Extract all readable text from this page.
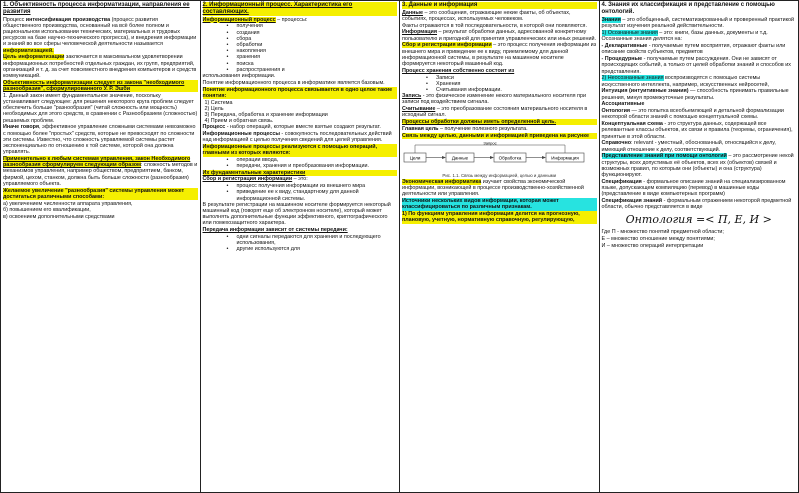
1. Объективность процесса информатизации, направления ее развития

Процесс интенсификация производства (процесс развития общественного производства, основанный на всё более полном и рациональном использовании технических, материальных и трудовых ресурсов на базе научно-технического прогресса), и внедрения информации и знаний во все сферы человеческой деятельности называется информатизацией.

Цель информатизации заключается в максимальном удовлетворении информационных потребностей отдельных граждан, их групп, предприятий, организаций и т. д. за счет повсеместного внедрения компьютеров и средств коммуникаций.

Объективность информатизации следует из закона "необходимого разнообразия", сформулированного У. Р. Эшби

1. Данный закон имеет фундаментальное значение, поскольку устанавливает следующее: для решения некоторого круга проблем следует обеспечить больше "разнообразия" (читай сложность или мощность) необходимых для этого средств, в сравнении с Разнообразием (сложностью) решаемых проблем.

Иначе говоря, эффективное управление сложными системами невозможно с помощью более "простых" средств, которые не превосходят по сложности эти системы. Известно, что сложность управляемой системы растет экспоненциально по отношению к той системе, которой она должна управлять.

Применительно к любым системам управления, закон Необходимого разнообразия сформулируем следующим образом: сложность методов и механизмов управления, например обществом, предприятием, банком, фирмой, цехом, станком, должна быть больше сложности (разнообразия) управляемого объекта.

Желаемое увеличение "разнообразия" системы управления может достигаться различными способами:

а) увеличением численности аппарата управления,

б) повышением его квалификации,

в) освоением дополнительными средствами

2. Информационный процесс. Характеристика его составляющих.

Информационный процесс – процессы:

• получения
• создания
• сбора
• обработки
• накопления
• хранения
• поиска
• распространения и

использования информации.

Понятие информационного процесса в информатике является базовым.

Понятие информационного процесса связывается в одно целое такие понятия:

1) Система
2) Цель
3) Передача, обработка и хранение информации
4) Прием и обратная связь.

Процесс - набор операций, которые вместе взятые создают результат.

Информационные процессы - совокупность последовательных действий над информацией с целью получения сведений для целей управления.

Информационные процессы реализуются с помощью операций, главными из которых являются:

• операции ввода,
• передачи, хранения и преобразования информации.

Их фундаментальные характеристики

Сбор и регистрация информации – это:

• процесс получения информации из внешнего мира
• приведение ее к виду, стандартному для данной информационной системы.

В результате регистрации на машинном носителе формируется некоторый машинный код (говорят еще об электронном носителе), который может выполнять дополнительные функции эффективного, криптографического или помехозащитного характера.

Передача информации зависит от системы передачи:

• одни сигналы передаются для хранения и последующего использования,
• другие используются для

3. Данные и информация

Данные – это сообщения, отражающие некие факты, об объектах, событиях, процессах, используемых человеком.

Факты отражаются в той последовательности, в которой они появляются.

Информация – результат обработки данных, адресованной конкретному пользователю и пригодной для принятия управленческих или иных решений.

Сбор и регистрация информации – это процесс получения информации из внешнего мира и приведение ее к виду, приемлемому для данной информационной системы, в результате на машинном носителе формируется некоторый машинный код.

Процесс хранения собственно состоит из

• Записи
• Хранения
• Считывания информации.

Запись - это физическое изменение некого материального носителя при записи под воздействием сигнала.

Считывание – это преобразование состояния материального носителя в исходный сигнал.

Процессы обработки должны иметь определенной цель.

Главная цель – получение полезного результата.

Связь между целью, данными и информацией приведена на рисунке

Цели	Данные	Обработка	Информация
Запрос

Рис. 1.1. Связь между информацией, целью и данными

Экономическая информатика изучает свойства экономической информации, возникающей в процессе производственно-хозяйственной деятельности или управления.

Источники нескольких видов информации, которая может классифицироваться по различным признакам.

1) По функциям управления информация делится на прогнозную, плановую, учетную, нормативную справочную, регулирующую,

4. Знания их классификация и представление с помощью онтологий.

Знания – это обобщенный, систематизированный и проверенный практикой результат изучения реальной действительности.

1) Осознанные знания – это: книги, базы данных, документы и т.д.

Осознанные знания делятся на:

- Декларативные - получаемые путем восприятия, отражают факты или описание свойств субъектов, предметов

- Процедурные - получаемые путем рассуждения. Они не зависят от происходящих событий, а только от целей обработки знаний и способов их представления.

2) Неосознанные знания воспроизводятся с помощью системы искусственного интеллекта, например, искусственных нейросетей,

Интуиция (интуитивные знания) — способность принимать правильные решения, минуя промежуточные результаты.

Ассоциативные

Онтология — это попытка всеобъемлющей и детальной формализации некоторой области знаний с помощью концептуальной схемы.

Концептуальная схема - это структура данных, содержащей все релевантные классы объектов, их связи и правила (теоремы, ограничения), принятые в этой области.

Справочно: relevant - уместный, обоснованный, относящийся к делу, имеющий отношение к делу, соответствующий.

Представление знаний при помощи онтологий – это рассмотрение некой структуры, всех допустимых её объектов, всех их (объектов) связей и возможных правил, по которым они (объекты) и она (структура) функционируют.

Спецификация - формальное описание знаний на специализированном языке, допускающем компиляцию (перевод) в машинные коды (представление в виде компьютерных программ)

Спецификация знаний - формальным отражением некоторой предметной области, обычно представляется в виде

Онтология =< П, Е, И >

Где П - множество понятий предметной области;

Е – множество отношение между понятиями;

И – множество операций интерпретации
